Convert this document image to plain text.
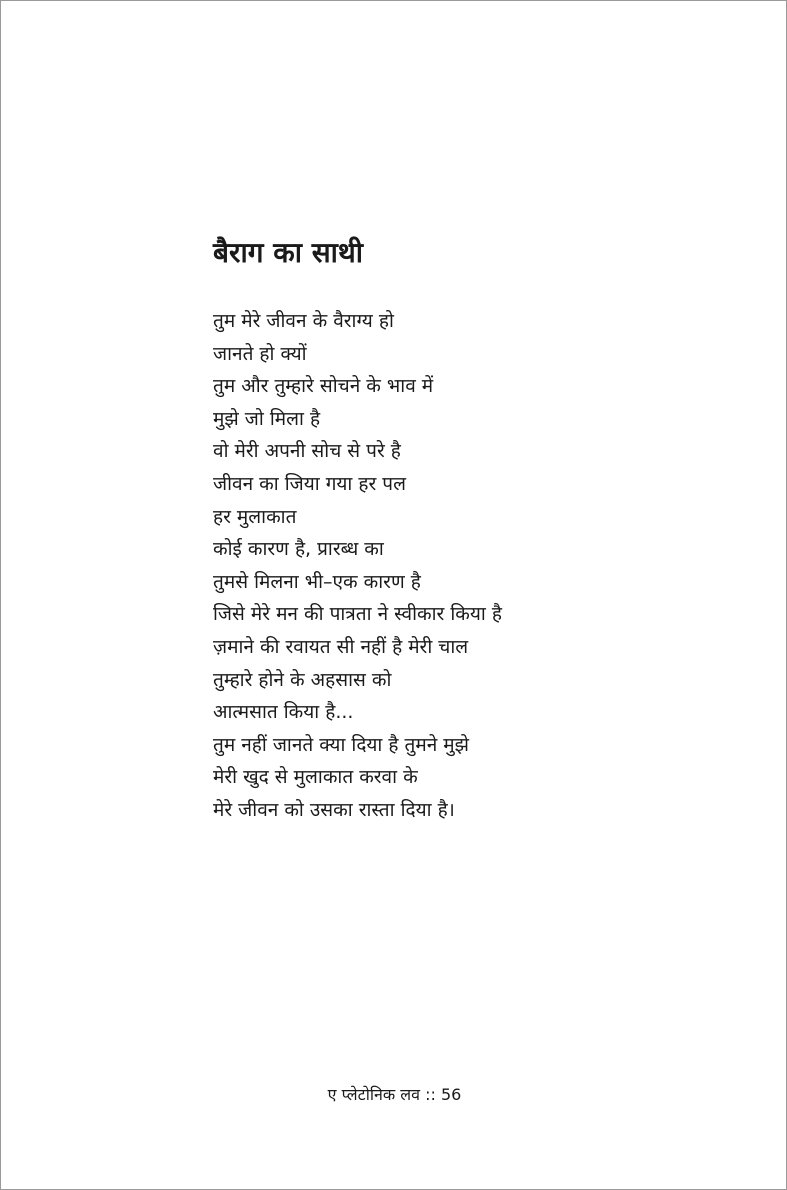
बैराग का साथी
तुम मेरे जीवन के वैराग्य हो
जानते हो क्यों
तुम और तुम्हारे सोचने के भाव में
मुझे जो मिला है
वो मेरी अपनी सोच से परे है
जीवन का जिया गया हर पल
हर मुलाकात
कोई कारण है, प्रारब्ध का
तुमसे मिलना भी–एक कारण है
जिसे मेरे मन की पात्रता ने स्वीकार किया है
ज़माने की रवायत सी नहीं है मेरी चाल
तुम्हारे होने के अहसास को
आत्मसात किया है...
तुम नहीं जानते क्या दिया है तुमने मुझे
मेरी खुद से मुलाकात करवा के
मेरे जीवन को उसका रास्ता दिया है।
ए प्लेटोनिक लव :: 56
